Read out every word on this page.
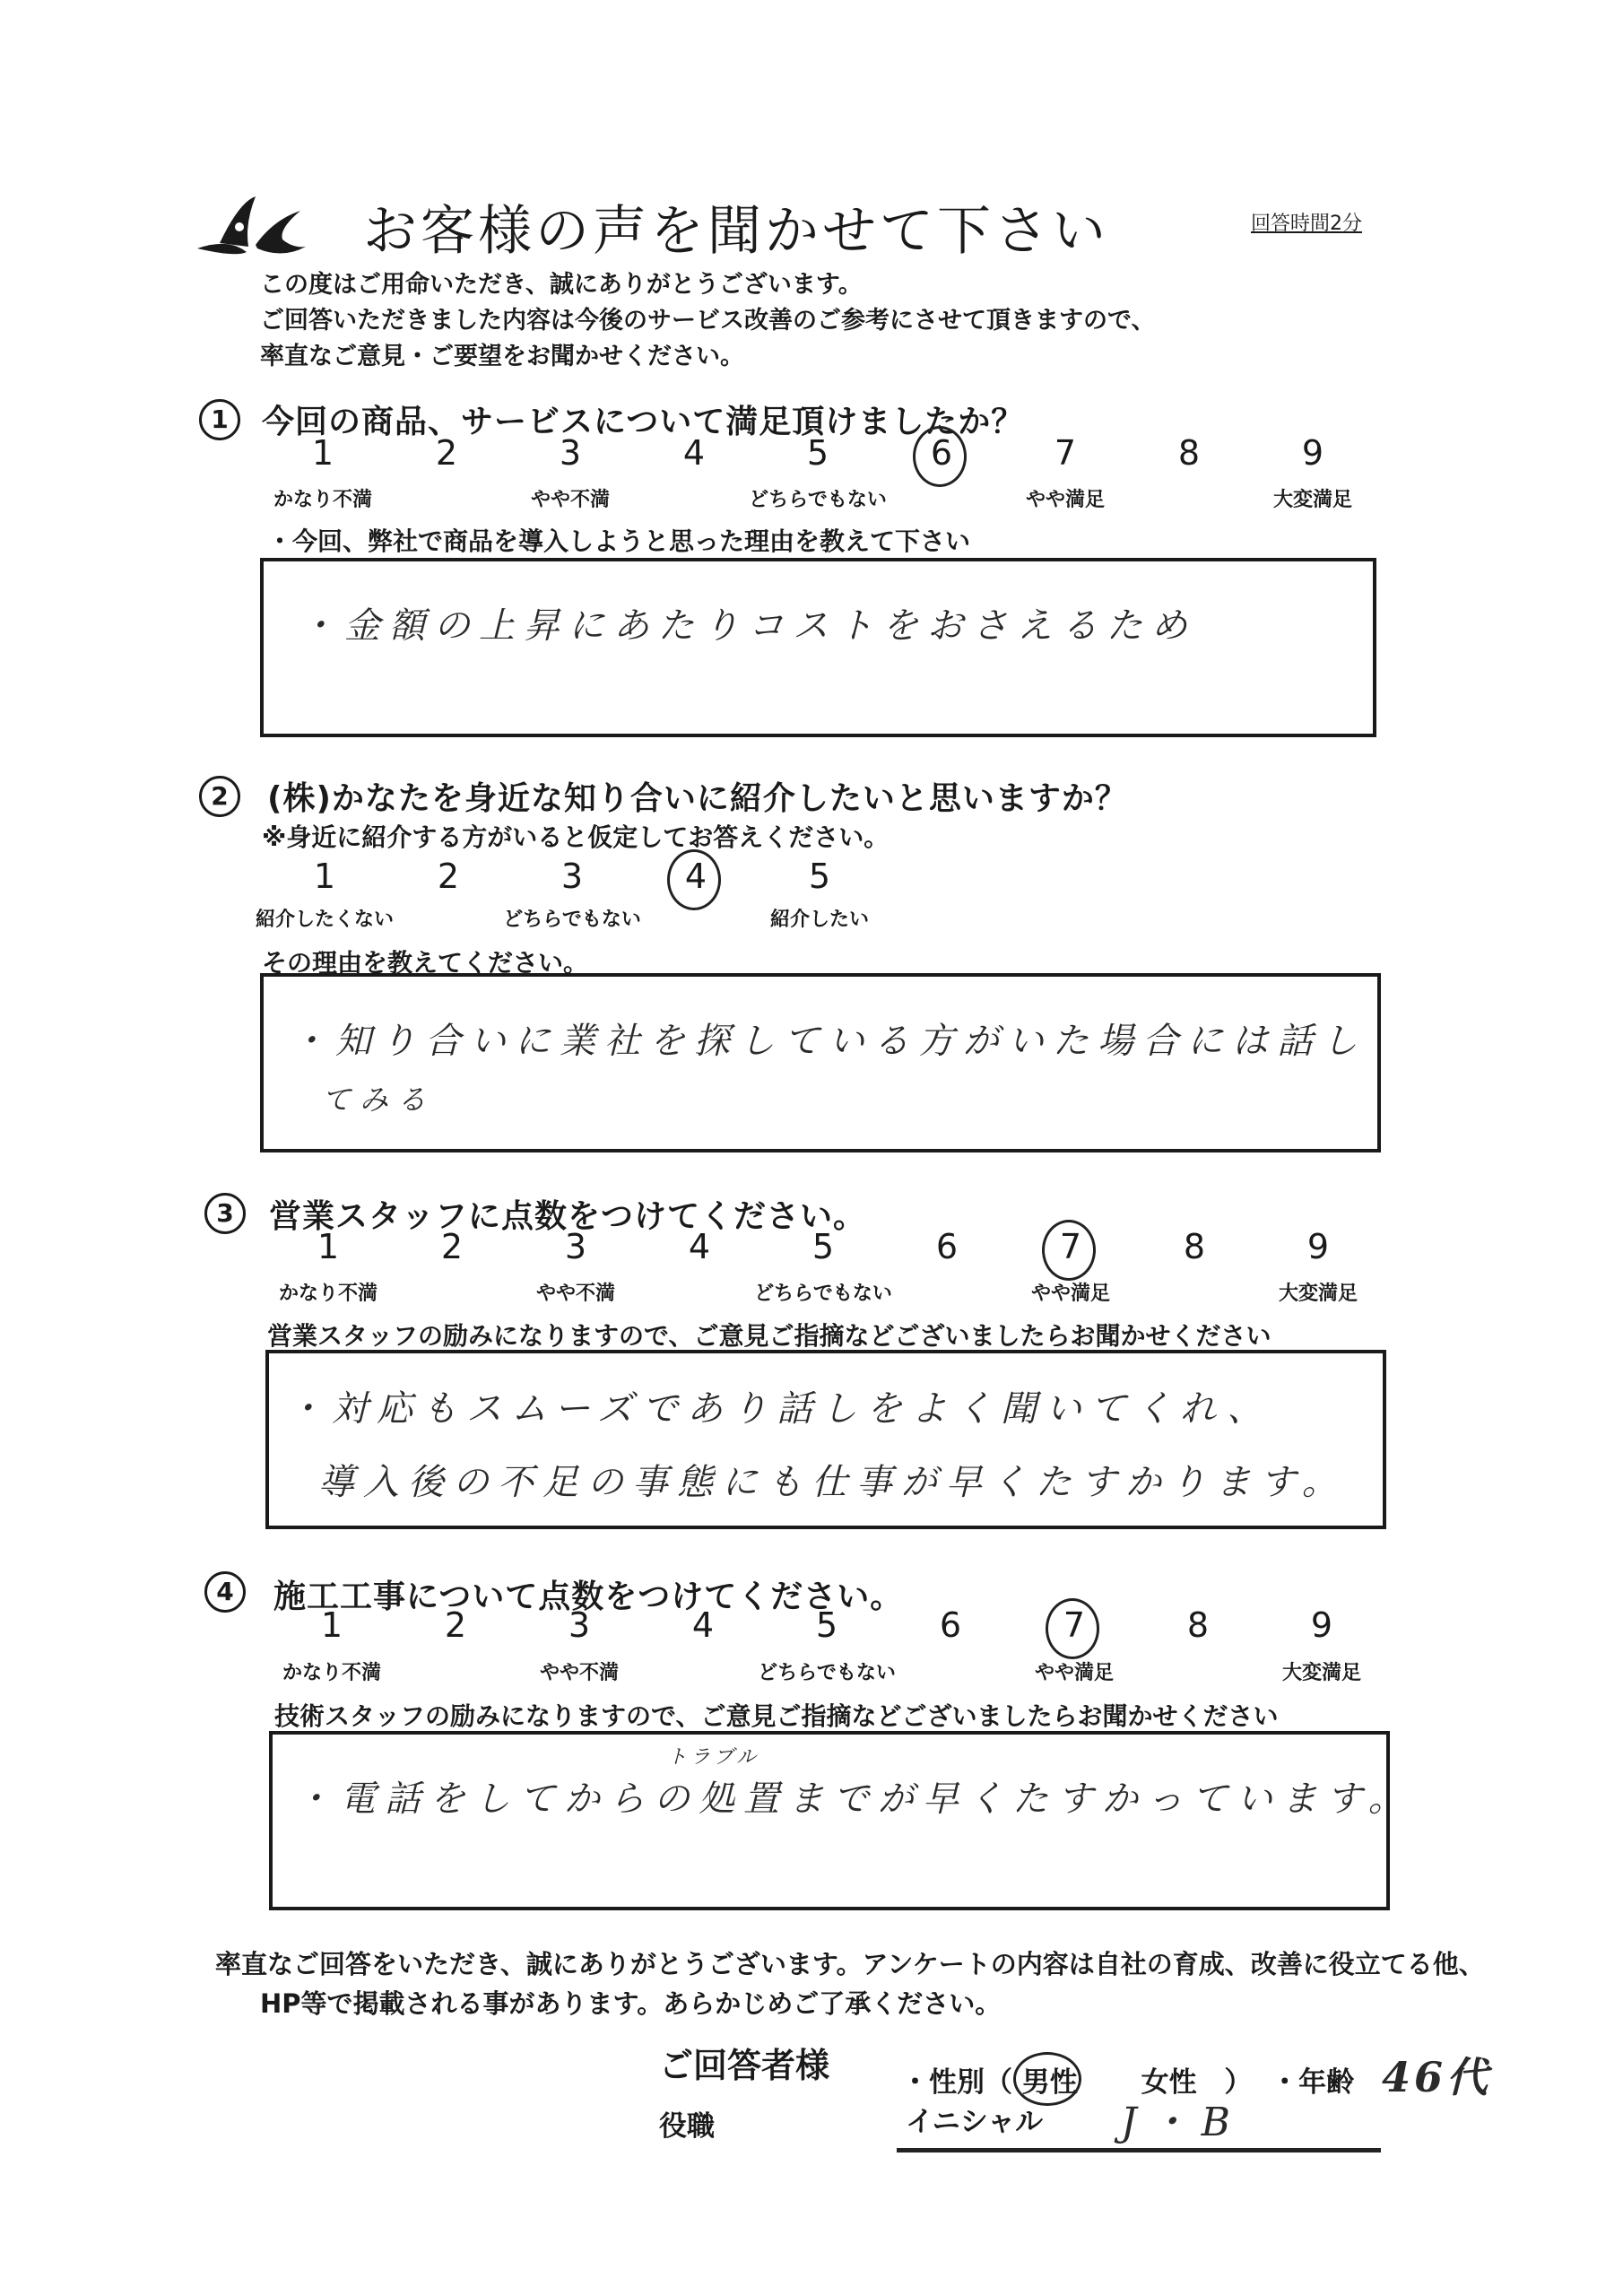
お客様の声を聞かせて下さい	回答時間2分
この度はご用命いただき、誠にありがとうございます。
ご回答いただきました内容は今後のサービス改善のご参考にさせて頂きますので、
率直なご意見・ご要望をお聞かせください。
1	今回の商品、サービスについて満足頂けましたか？
1	2	3	4	5	6	7	8	9
かなり不満	やや不満	どちらでもない	やや満足	大変満足
・今回、弊社で商品を導入しようと思った理由を教えて下さい
・金額の上昇にあたりコストをおさえるため
2	(株)かなたを身近な知り合いに紹介したいと思いますか？
※身近に紹介する方がいると仮定してお答えください。
1	2	3	4	5
紹介したくない	どちらでもない	紹介したい
その理由を教えてください。
・知り合いに業社を探している方がいた場合には話し
てみる
3	営業スタッフに点数をつけてください。
1	2	3	4	5	6	7	8	9
かなり不満	やや不満	どちらでもない	やや満足	大変満足
営業スタッフの励みになりますので、ご意見ご指摘などございましたらお聞かせください
・対応もスムーズであり話しをよく聞いてくれ、
導入後の不足の事態にも仕事が早くたすかります。
4	施工工事について点数をつけてください。
1	2	3	4	5	6	7	8	9
かなり不満	やや不満	どちらでもない	やや満足	大変満足
技術スタッフの励みになりますので、ご意見ご指摘などございましたらお聞かせください
トラブル
・電話をしてからの処置までが早くたすかっています。
率直なご回答をいただき、誠にありがとうございます。アンケートの内容は自社の育成、改善に役立てる他、
HP等で掲載される事があります。あらかじめご了承ください。
ご回答者様	・性別（ 男性 女性 ） ・年齢 46代
役職	イニシャル J・B
